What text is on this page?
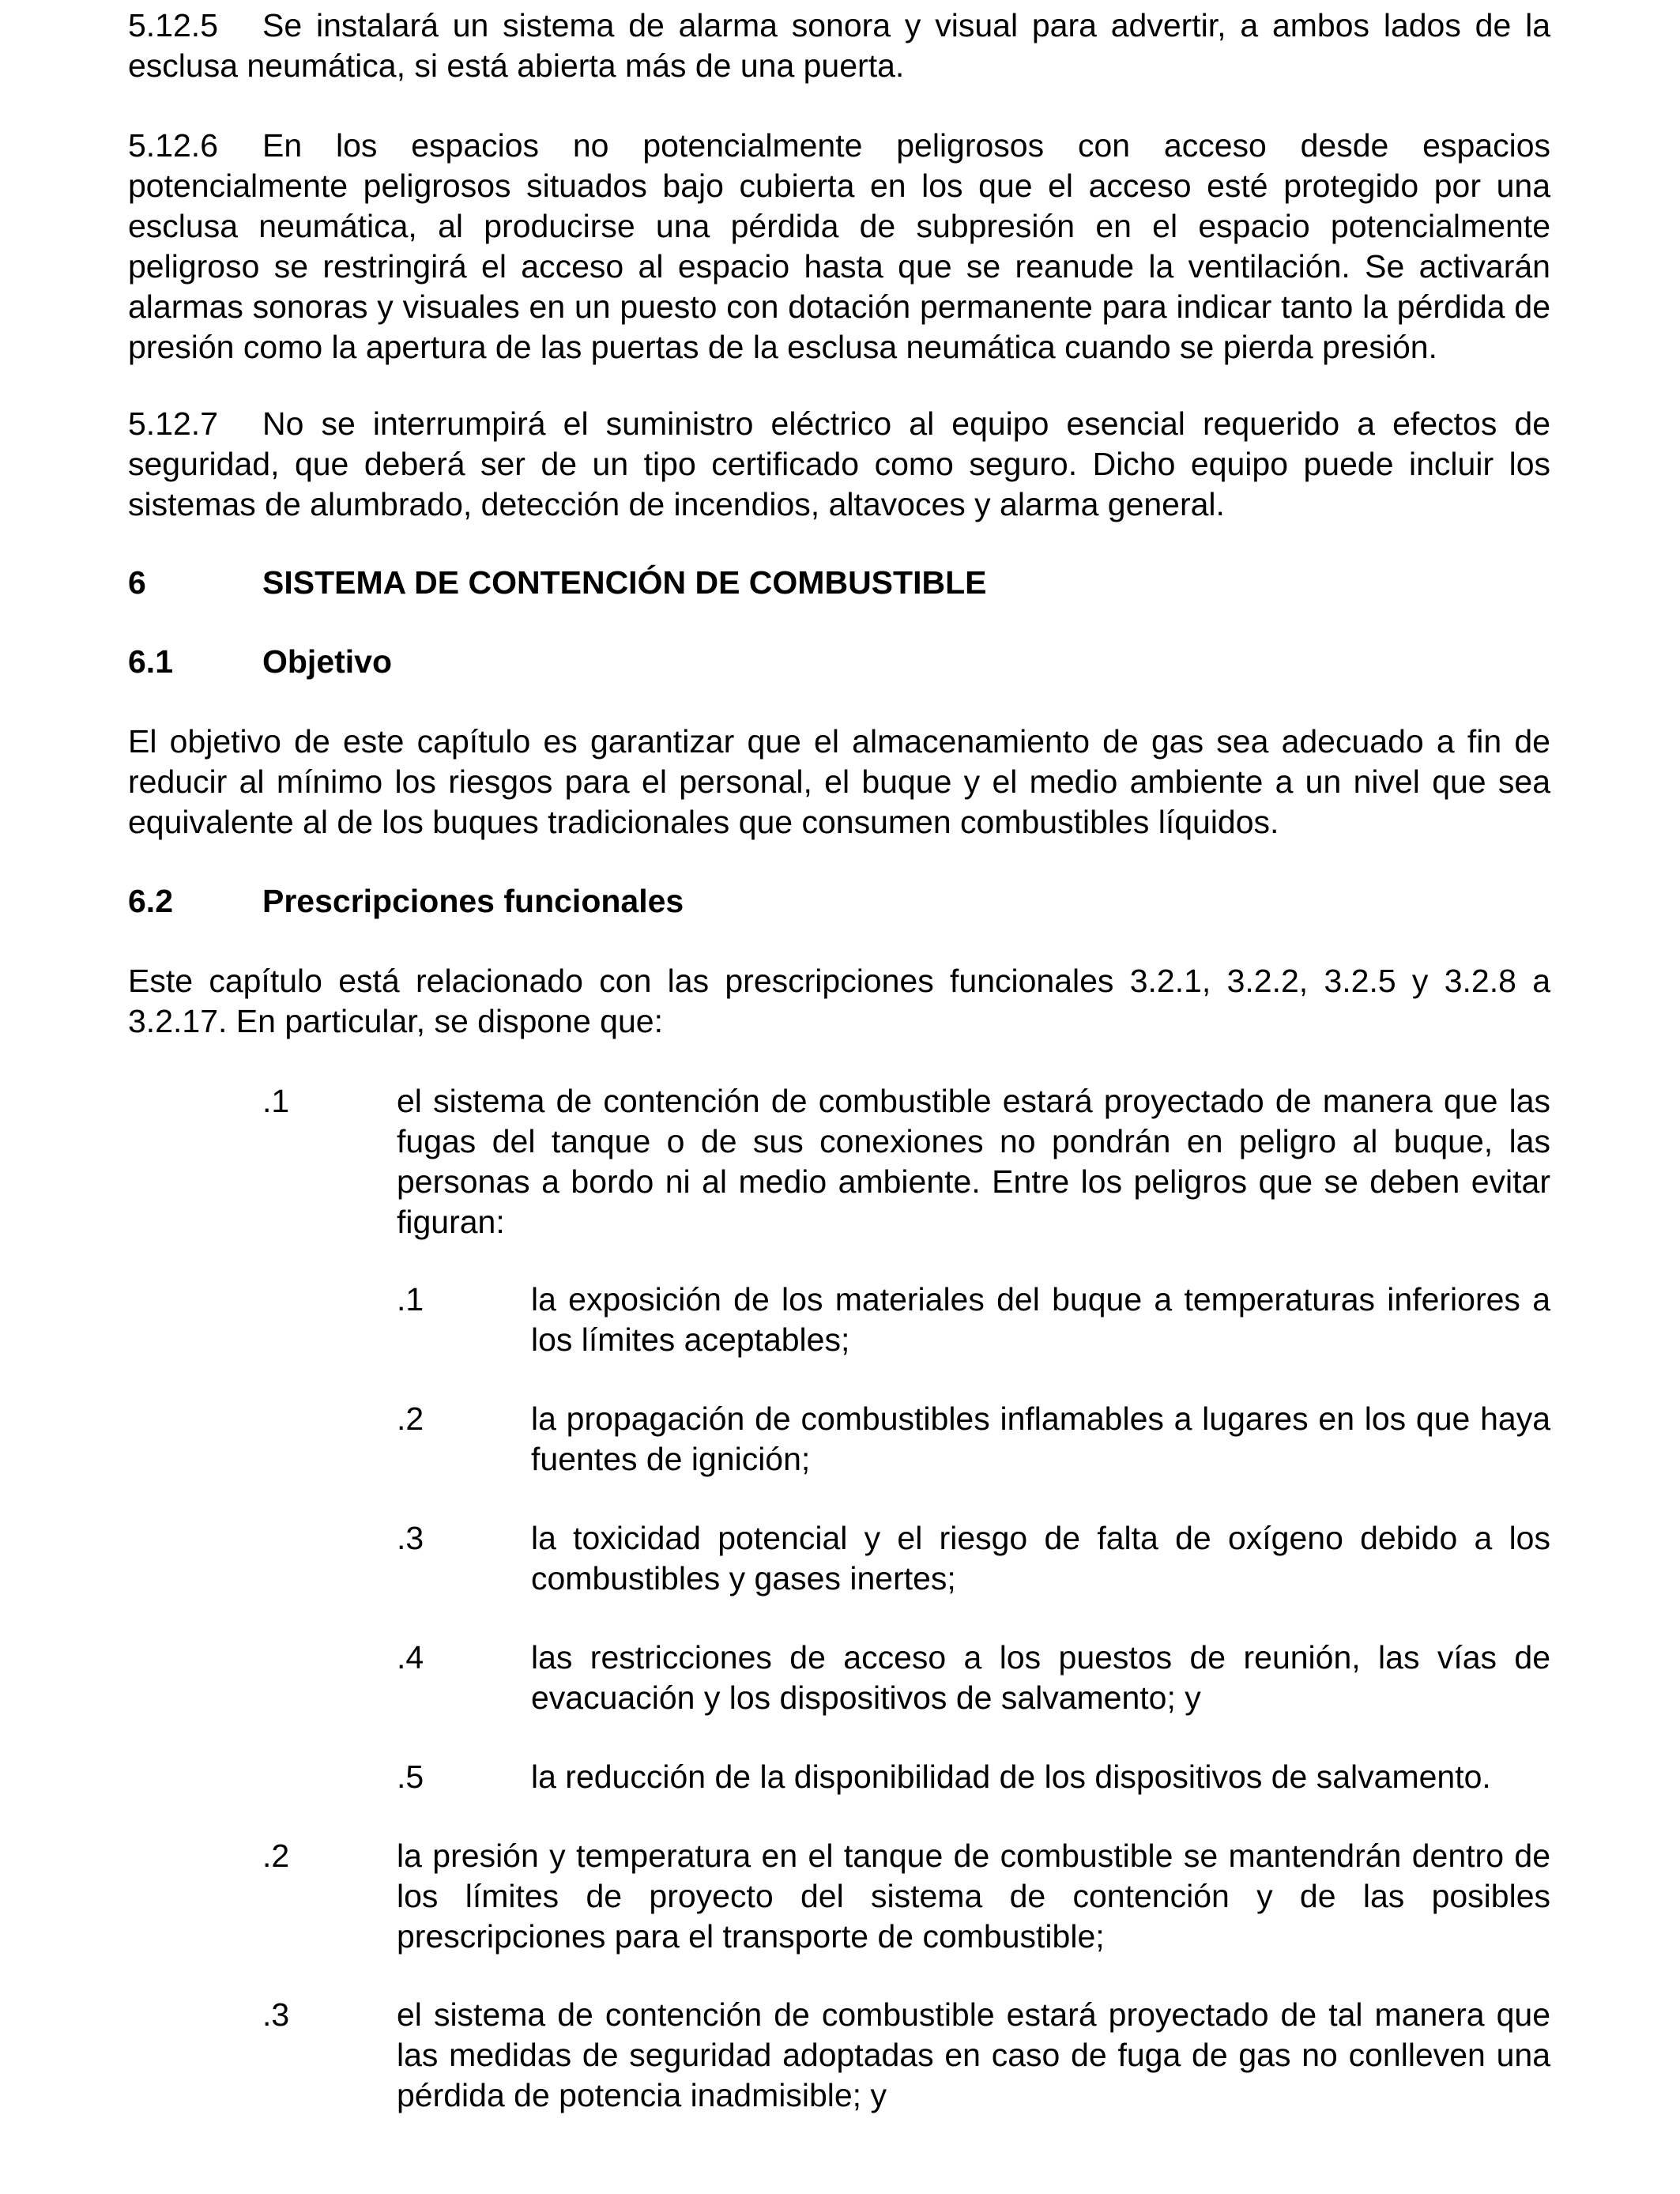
5.12.5 Se instalará un sistema de alarma sonora y visual para advertir, a ambos lados de la esclusa neumática, si está abierta más de una puerta.

5.12.6 En los espacios no potencialmente peligrosos con acceso desde espacios potencialmente peligrosos situados bajo cubierta en los que el acceso esté protegido por una esclusa neumática, al producirse una pérdida de subpresión en el espacio potencialmente peligroso se restringirá el acceso al espacio hasta que se reanude la ventilación. Se activarán alarmas sonoras y visuales en un puesto con dotación permanente para indicar tanto la pérdida de presión como la apertura de las puertas de la esclusa neumática cuando se pierda presión.

5.12.7 No se interrumpirá el suministro eléctrico al equipo esencial requerido a efectos de seguridad, que deberá ser de un tipo certificado como seguro. Dicho equipo puede incluir los sistemas de alumbrado, detección de incendios, altavoces y alarma general.

6	SISTEMA DE CONTENCIÓN DE COMBUSTIBLE
6.1	Objetivo

El objetivo de este capítulo es garantizar que el almacenamiento de gas sea adecuado a fin de reducir al mínimo los riesgos para el personal, el buque y el medio ambiente a un nivel que sea equivalente al de los buques tradicionales que consumen combustibles líquidos.

6.2	Prescripciones funcionales

Este capítulo está relacionado con las prescripciones funcionales 3.2.1, 3.2.2, 3.2.5 y 3.2.8 a 3.2.17. En particular, se dispone que:

.1	el sistema de contención de combustible estará proyectado de manera que las fugas del tanque o de sus conexiones no pondrán en peligro al buque, las personas a bordo ni al medio ambiente. Entre los peligros que se deben evitar figuran:
.1	la exposición de los materiales del buque a temperaturas inferiores a los límites aceptables;
.2	la propagación de combustibles inflamables a lugares en los que haya fuentes de ignición;
.3	la toxicidad potencial y el riesgo de falta de oxígeno debido a los combustibles y gases inertes;
.4	las restricciones de acceso a los puestos de reunión, las vías de evacuación y los dispositivos de salvamento; y
.5	la reducción de la disponibilidad de los dispositivos de salvamento.
.2	la presión y temperatura en el tanque de combustible se mantendrán dentro de los límites de proyecto del sistema de contención y de las posibles prescripciones para el transporte de combustible;
.3	el sistema de contención de combustible estará proyectado de tal manera que las medidas de seguridad adoptadas en caso de fuga de gas no conlleven una pérdida de potencia inadmisible; y
